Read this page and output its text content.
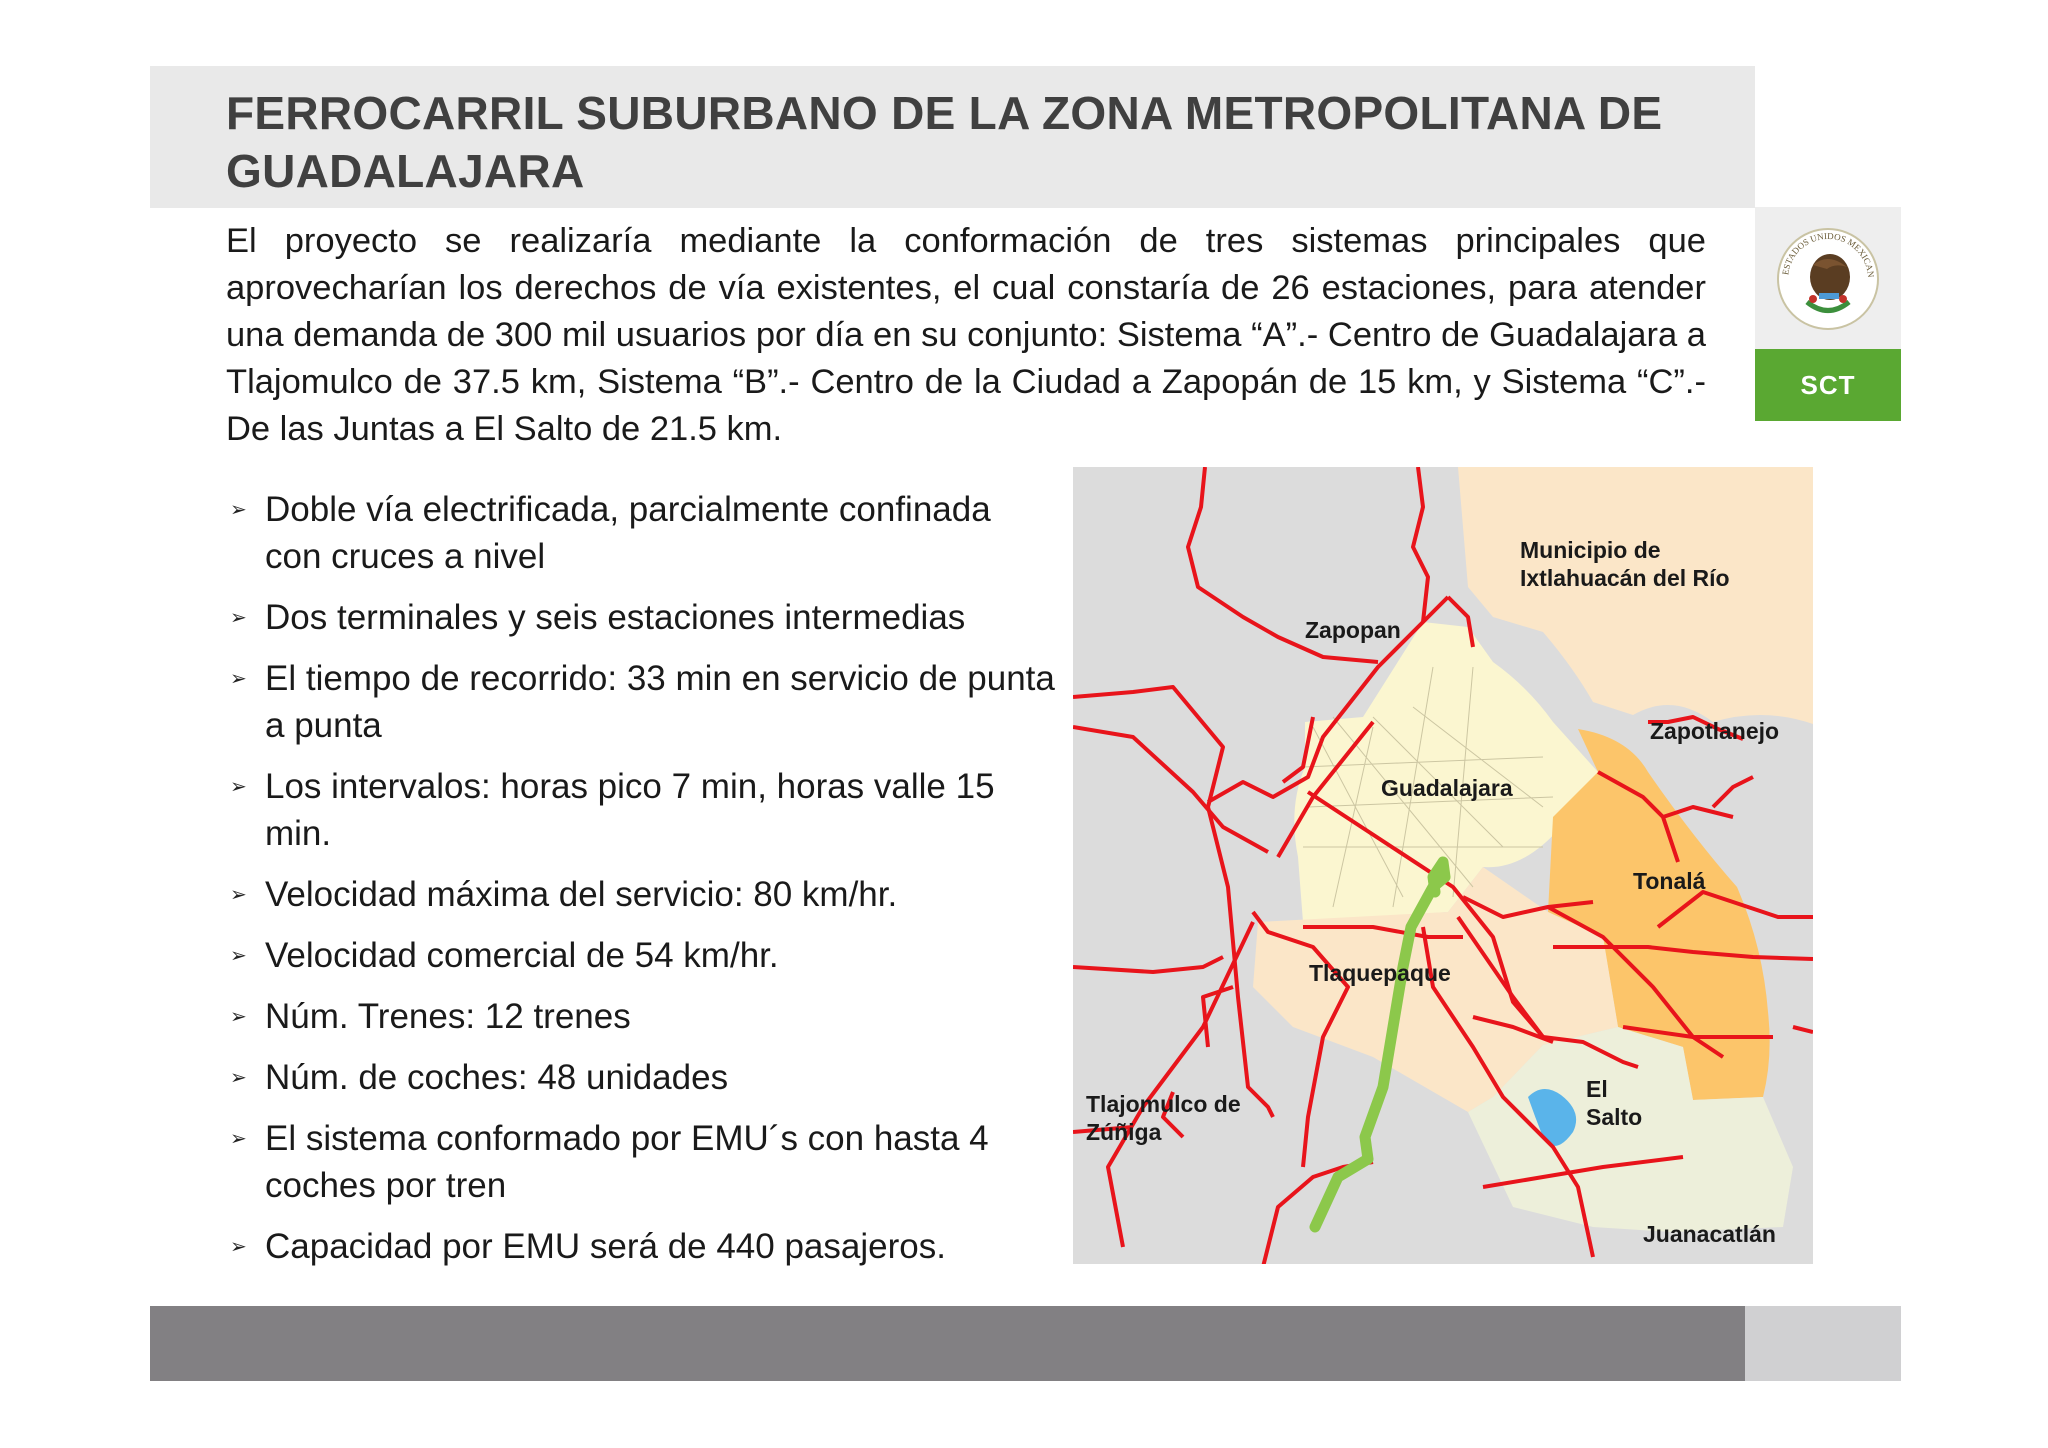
FERROCARRIL SUBURBANO DE LA ZONA METROPOLITANA DE GUADALAJARA
ESTADOS UNIDOS MEXICAN
SCT

El proyecto se realizaría mediante la conformación de tres sistemas principales que aprovecharían los derechos de vía existentes, el cual constaría de 26 estaciones, para atender una demanda de 300 mil usuarios por día en su conjunto: Sistema “A”.- Centro de Guadalajara a Tlajomulco de 37.5 km, Sistema “B”.- Centro de la Ciudad a Zapopán de 15 km, y Sistema “C”.- De las Juntas a El Salto de 21.5 km.

➢ Doble vía electrificada, parcialmente confinada con cruces a nivel
➢ Dos terminales y seis estaciones intermedias
➢ El tiempo de recorrido: 33 min en servicio de punta a punta
➢ Los intervalos: horas pico 7 min, horas valle 15 min.
➢ Velocidad máxima del servicio: 80 km/hr.
➢ Velocidad comercial de 54 km/hr.
➢ Núm. Trenes: 12 trenes
➢ Núm. de coches: 48 unidades
➢ El sistema conformado por EMU´s con hasta 4 coches por tren
➢ Capacidad por EMU será de 440 pasajeros.
Municipio de
Ixtlahuacán del Río
Zapopan
Zapotlanejo
Guadalajara
Tonalá
Tlaquepaque
Tlajomulco de
Zúñiga
El
Salto
Juanacatlán
